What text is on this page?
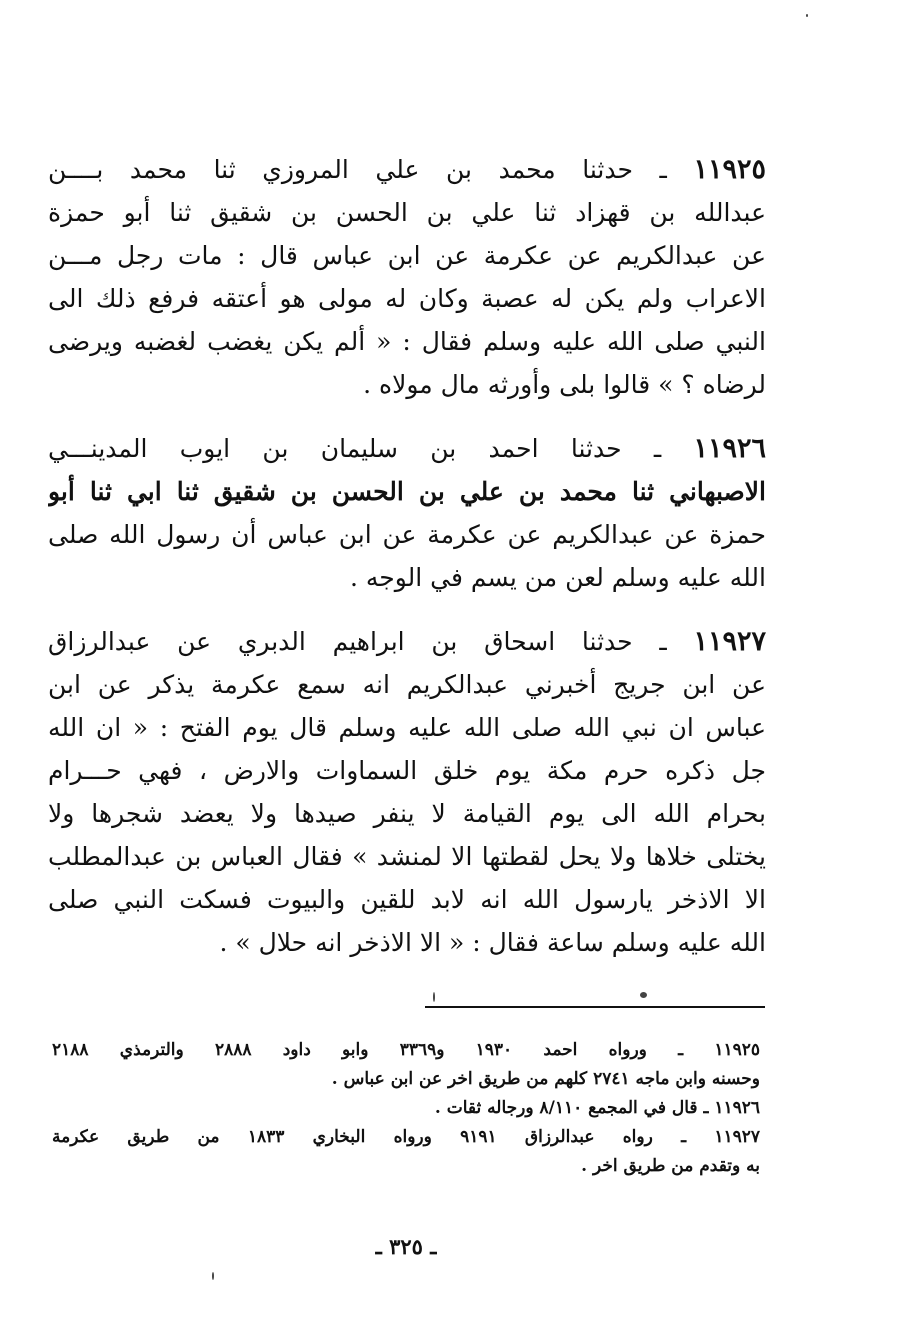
١١٩٢٥ ـ حدثنا محمد بن علي المروزي ثنا محمد بــــن
عبدالله بن قهزاد ثنا علي بن الحسن بن شقيق ثنا أبو حمزة
عن عبدالكريم عن عكرمة عن ابن عباس قال : مات رجل مـــن
الاعراب ولم يكن له عصبة وكان له مولى هو أعتقه فرفع ذلك الى
النبي صلى الله عليه وسلم فقال : « ألم يكن يغضب لغضبه ويرضى
لرضاه ؟ » قالوا بلى وأورثه مال مولاه .
١١٩٢٦ ـ حدثنا احمد بن سليمان بن ايوب المدينـــي
الاصبهاني ثنا محمد بن علي بن الحسن بن شقيق ثنا ابي ثنا أبو
حمزة عن عبدالكريم عن عكرمة عن ابن عباس أن رسول الله صلى
الله عليه وسلم لعن من يسم في الوجه .
١١٩٢٧ ـ حدثنا اسحاق بن ابراهيم الدبري عن عبدالرزاق
عن ابن جريج أخبرني عبدالكريم انه سمع عكرمة يذكر عن ابن
عباس ان نبي الله صلى الله عليه وسلم قال يوم الفتح : « ان الله
جل ذكره حرم مكة يوم خلق السماوات والارض ، فهي حـــرام
بحرام الله الى يوم القيامة لا ينفر صيدها ولا يعضد شجرها ولا
يختلى خلاها ولا يحل لقطتها الا لمنشد » فقال العباس بن عبدالمطلب
الا الاذخر يارسول الله انه لابد للقين والبيوت فسكت النبي صلى
الله عليه وسلم ساعة فقال : « الا الاذخر انه حلال » .
١١٩٢٥ ـ ورواه احمد ١٩٣٠ و٣٣٦٩ وابو داود ٢٨٨٨ والترمذي ٢١٨٨
وحسنه وابن ماجه ٢٧٤١ كلهم من طريق اخر عن ابن عباس .
١١٩٢٦ ـ قال في المجمع ٨/١١٠ ورجاله ثقات .
١١٩٢٧ ـ رواه عبدالرزاق ٩١٩١ ورواه البخاري ١٨٣٣ من طريق عكرمة
به وتقدم من طريق اخر .
ـ ٣٢٥ ـ
